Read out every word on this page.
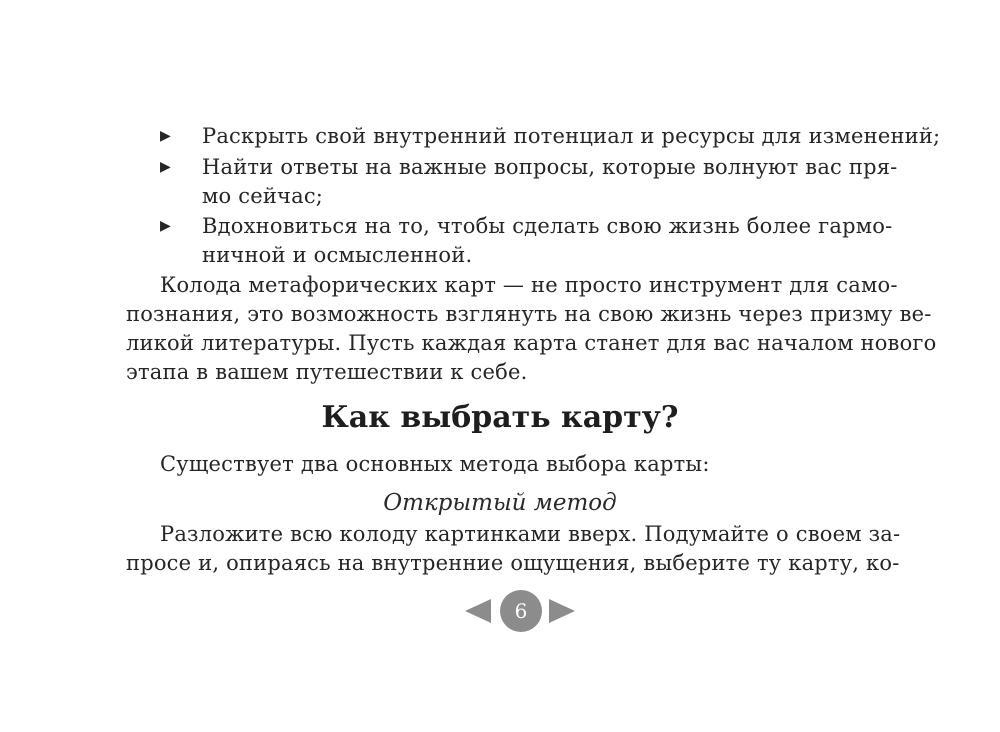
▶ Раскрыть свой внутренний потенциал и ресурсы для изменений;
▶ Найти ответы на важные вопросы, которые волнуют вас пря-
мо сейчас;
▶ Вдохновиться на то, чтобы сделать свою жизнь более гармо-
ничной и осмысленной.
Колода метафорических карт — не просто инструмент для само-
познания, это возможность взглянуть на свою жизнь через призму ве-
ликой литературы. Пусть каждая карта станет для вас началом нового
этапа в вашем путешествии к себе.
Как выбрать карту?
Существует два основных метода выбора карты:
Открытый метод
Разложите всю колоду картинками вверх. Подумайте о своем за-
просе и, опираясь на внутренние ощущения, выберите ту карту, ко-
6
